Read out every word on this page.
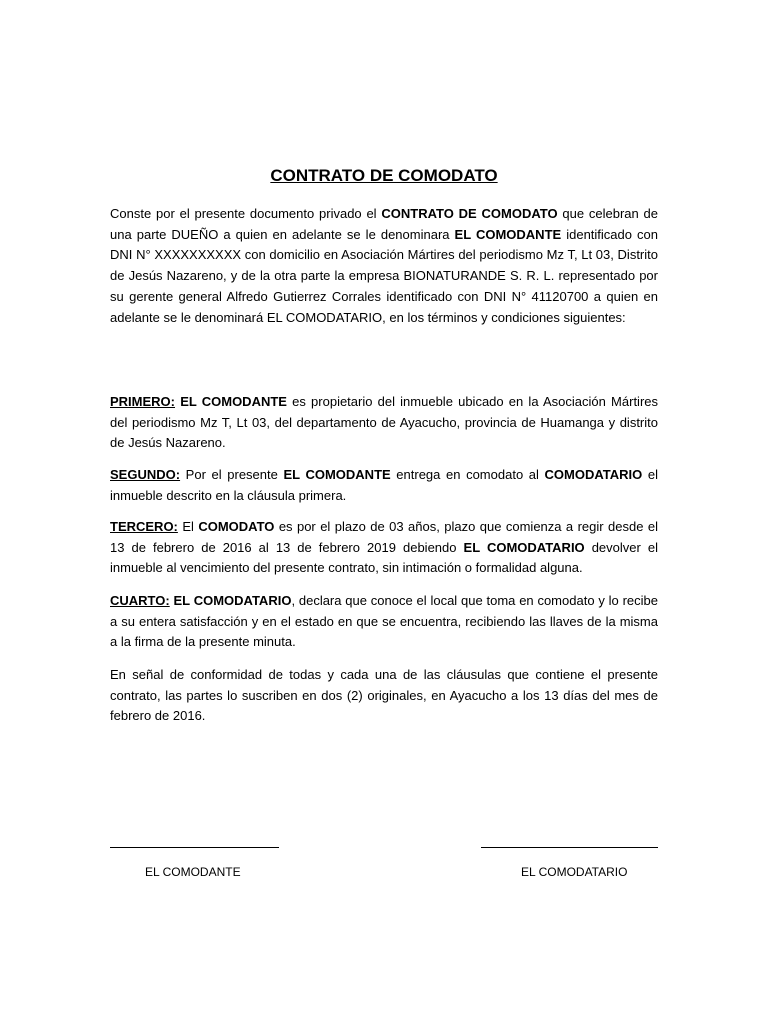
CONTRATO DE COMODATO

Conste por el presente documento privado el CONTRATO DE COMODATO que celebran de una parte DUEÑO a quien en adelante se le denominara EL COMODANTE identificado con DNI N° XXXXXXXXXX con domicilio en Asociación Mártires del periodismo Mz T, Lt 03, Distrito de Jesús Nazareno, y de la otra parte la empresa BIONATURANDE S. R. L. representado por su gerente general Alfredo Gutierrez Corrales identificado con DNI N° 41120700 a quien en adelante se le denominará EL COMODATARIO, en los términos y condiciones siguientes:

PRIMERO: EL COMODANTE es propietario del inmueble ubicado en la Asociación Mártires del periodismo Mz T, Lt 03, del departamento de Ayacucho, provincia de Huamanga y distrito de Jesús Nazareno.

SEGUNDO: Por el presente EL COMODANTE entrega en comodato al COMODATARIO el inmueble descrito en la cláusula primera.

TERCERO: El COMODATO es por el plazo de 03 años, plazo que comienza a regir desde el 13 de febrero de 2016 al 13 de febrero 2019 debiendo EL COMODATARIO devolver el inmueble al vencimiento del presente contrato, sin intimación o formalidad alguna.

CUARTO: EL COMODATARIO, declara que conoce el local que toma en comodato y lo recibe a su entera satisfacción y en el estado en que se encuentra, recibiendo las llaves de la misma a la firma de la presente minuta.

En señal de conformidad de todas y cada una de las cláusulas que contiene el presente contrato, las partes lo suscriben en dos (2) originales, en Ayacucho a los 13 días del mes de febrero de 2016.

EL COMODANTE	EL COMODATARIO
